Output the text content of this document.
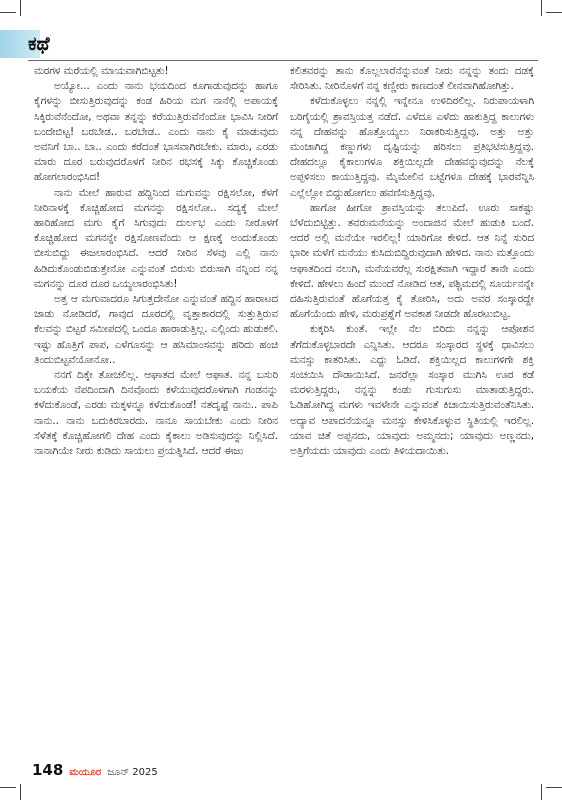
ಕಥೆ

ಮರಗಳ ಮರೆಯಲ್ಲಿ ಮಾಯವಾಗಿಬಿಟ್ಟತು!

ಅಯ್ಯೋ... ಎಂದು ನಾನು ಭಯದಿಂದ ಕೂಗಾಡುವುದನ್ನು ಹಾಗೂ ಕೈಗಳನ್ನು ಬೀಸುತ್ತಿರುವುದನ್ನು ಕಂಡ ಹಿರಿಯ ಮಗ ನಾನೆಲ್ಲಿ ಅಪಾಯಕ್ಕೆ ಸಿಕ್ಕಿರುವೆನೆಂದೋ, ಅಥವಾ ತನ್ನನ್ನು ಕರೆಯುತ್ತಿರುವೆನೆಂದೋ ಭಾವಿಸಿ ನೀರಿಗೆ ಬಂದೇಬಿಟ್ಟ! ಬರಬೇಡ.. ಬರಬೇಡ.. ಎಂದು ನಾನು ಕೈ ಮಾಡುವುದು ಅವನಿಗೆ ಬಾ.. ಬಾ.. ಎಂದು ಕರೆದಂತೆ ಭಾಸವಾಗಿರಬೇಕು. ಮಾರು, ಎರಡು ಮಾರು ದೂರ ಬರುವುದರೊಳಗೆ ನೀರಿನ ರಭಸಕ್ಕೆ ಸಿಕ್ಕು ಕೊಚ್ಚಿಕೊಂಡು ಹೋಗಲಾರಂಭಿಸಿದ!

ನಾನು ಮೇಲೆ ಹಾರುವ ಹದ್ದಿನಿಂದ ಮಗುವನ್ನು ರಕ್ಷಿಸಲೋ, ಕೆಳಗೆ ನೀರಿನಾಳಕ್ಕೆ ಕೊಚ್ಚಿಹೋದ ಮಗನನ್ನು ರಕ್ಷಿಸಲೋ.. ಸದ್ಯಕ್ಕೆ ಮೇಲೆ ಹಾರಿಹೋದ ಮಗು ಕೈಗೆ ಸಿಗುವುದು ದುರ್ಲಭ ಎಂದು ನೀರೊಳಗೆ ಕೊಚ್ಚಿಹೋದ ಮಗನನ್ನೇ ರಕ್ಷಿಸೋಣವೆಂದು ಆ ಕ್ಷಣಕ್ಕೆ ಅಂದುಕೊಂಡು ಬೀಸುಬಿದ್ದು ಈಜಲಾರಂಭಿಸಿದೆ. ಆದರೆ ನೀರಿನ ಸೆಳವು ಎಲ್ಲಿ ನಾನು ಹಿಡಿದುಕೊಂಡುಬಿಡುತ್ತೇನೋ ಎನ್ನುವಂತೆ ಬಿರುಸು ಬಿರುಸಾಗಿ ನನ್ನಿಂದ ನನ್ನ ಮಗನನ್ನು ದೂರ ದೂರ ಒಯ್ಯಲಾರಂಭಿಸಿತು!

ಅತ್ತ ಆ ಮಗುವಾದರೂ ಸಿಗುತ್ತದೇನೋ ಎನ್ನುವಂತೆ ಹದ್ದಿನ ಹಾರಾಟದ ಜಾಡು ನೋಡಿದರೆ, ಗಾವುದ ದೂರದಲ್ಲಿ ವೃತ್ತಾಕಾರದಲ್ಲಿ ಸುತ್ತುತ್ತಿರುವ ಕೆಲವನ್ನು ಬಿಟ್ಟರೆ ಸಮೀಪದಲ್ಲಿ ಒಂದೂ ಹಾರಾಡುತ್ತಿಲ್ಲ. ಎಲ್ಲಿಂದು ಹುಡುಕಲಿ. ಇಷ್ಟು ಹೊತ್ತಿಗೆ ಪಾಪ, ಎಳೆಗೂಸನ್ನು ಆ ಹಸಿಮಾಂಸವನ್ನು ಹರಿದು ಹಂಚಿ ತಿಂದುಬಿಟ್ಟವೆಯೋನೋ..

ನನಗೆ ದಿಕ್ಕೇ ತೋಚಲಿಲ್ಲ. ಆಘಾತದ ಮೇಲೆ ಆಘಾತ. ನನ್ನ ಬಸುರಿ ಬಯಕೆಯ ನೆಪದಿಂದಾಗಿ ದಿನವೊಂದು ಕಳೆಯುವುದರೊಳಗಾಗಿ ಗಂಡನನ್ನು ಕಳೆದುಕೊಂಡೆ, ಎರಡು ಮಕ್ಕಳನ್ನೂ ಕಳೆದುಕೊಂಡೆ! ನತದೃಷ್ಟೆ ನಾನು.. ಪಾಪಿ ನಾನು.. ನಾನು ಬದುಕಿರಬಾರದು. ನಾನೂ ಸಾಯಬೇಕು ಎಂದು ನೀರಿನ ಸೆಳೆತಕ್ಕೆ ಕೊಚ್ಚಿಹೋಗಲಿ ದೇಹ ಎಂದು ಕೈಕಾಲು ಅಡಿಸುವುದನ್ನು ನಿಲ್ಲಿಸಿದೆ. ನಾನಾಗಿಯೇ ನೀರು ಕುಡಿದು ಸಾಯಲು ಪ್ರಯತ್ನಿಸಿದೆ. ಆದರೆ ಈಜು

ಕಲಿತವರನ್ನು ತಾನು ಕೊಲ್ಲಲಾರೆನೆನ್ನುವಂತೆ ನೀರು ನನ್ನನ್ನು ತಂದು ದಡಕ್ಕೆ ಸೇರಿಸಿತು. ನೀರಿನೊಳಗೆ ನನ್ನ ಕಣ್ಣೀರು ಕಾಣದಂತೆ ಲೀನವಾಗಿಹೋಗಿತ್ತು.

ಕಳೆದುಕೊಳ್ಳಲು ನನ್ನಲ್ಲಿ ಇನ್ನೇನೂ ಉಳಿದಿರಲಿಲ್ಲ. ನಿರುಪಾಯಳಾಗಿ ಬರಿಗೈಯಲ್ಲಿ ಶ್ರಾವಸ್ತಿಯತ್ತ ನಡೆದೆ. ಎಳೆದೂ ಎಳೆದು ಹಾಕುತ್ತಿದ್ದ ಕಾಲುಗಳು ನನ್ನ ದೇಹವನ್ನು ಹೊತ್ತೊಯ್ಯಲು ನಿರಾಕರಿಸುತ್ತಿದ್ದವು. ಅತ್ತು ಅತ್ತು ಮಂಜಾಗಿದ್ದ ಕಣ್ಣುಗಳು ದೃಷ್ಟಿಯನ್ನು ಹರಿಸಲು ಪ್ರತಿಭಟಿಸುತ್ತಿದ್ದವು. ದೇಹದಲ್ಲೂ ಕೈಕಾಲುಗಳೂ ಶಕ್ತಿಯಿಲ್ಲದೇ ದೇಹವನ್ನುವುದನ್ನು ನೆಲಕ್ಕೆ ಅಪ್ಪಳಿಸಲು ಕಾಯುತ್ತಿದ್ದವು. ಮೈಮೇಲಿನ ಬಟ್ಟೆಗಳೂ ದೇಹಕ್ಕೆ ಭಾರವೆನ್ನಿಸಿ ಎಲ್ಲೆಲ್ಲೋ ಬಿದ್ದುಹೋಗಲು ಹವಣಿಸುತ್ತಿದ್ದವು.

ಹಾಗೋ ಹೀಗೋ ಶ್ರಾವಸ್ತಿಯನ್ನು ತಲುಪಿದೆ. ಊರು ಸಾಕಷ್ಟು ಬೆಳೆದುಬಿಟ್ಟಿತ್ತು. ತವರುಮನೆಯನ್ನು ಅಂದಾಜಿನ ಮೇಲೆ ಹುಡುಕಿ ಬಂದೆ. ಆದರೆ ಅಲ್ಲಿ ಮನೆಯೇ ಇರಲಿಲ್ಲ! ಯಾರಿಗೋ ಕೇಳಿದೆ. ಆತ ನಿನ್ನೆ ಸುರಿದ ಭಾರೀ ಮಳೆಗೆ ಮನೆಯು ಕುಸಿದುಬಿದ್ದಿರುವುದಾಗಿ ಹೇಳಿದ. ನಾನು ಮತ್ತೊಂದು ಆಘಾತದಿಂದ ನಲುಗಿ, ಮನೆಯವರೆಲ್ಲ ಸುರಕ್ಷಿತವಾಗಿ ಇದ್ದಾರೆ ತಾನೇ ಎಂದು ಕೇಳಿದೆ. ಹೇಳಲು ಹಿಂದೆ ಮುಂದೆ ನೋಡಿದ ಆತ, ಪಶ್ಚಿಮದಲ್ಲಿ ಸೂರ್ಯನನ್ನೇ ದಹಿಸುತ್ತಿರುವಂತೆ ಹೊಗೆಯತ್ತ ಕೈ ತೋರಿಸಿ, ಅದು ಅವರ ಸಂಸ್ಕಾರದ್ದೇ ಹೊಗೆಯೆಂದು ಹೇಳಿ, ಮರುಪ್ರಶ್ನೆಗೆ ಅವಕಾಶ ನೀಡದೇ ಹೊರಟುಬಿಟ್ಟ.

ಕುಕ್ಕರಿಸಿ ಕುಂತೆ. ಇಲ್ಲೇ ನೆಲ ಬಿರಿದು ನನ್ನನ್ನು ಆಪೋಶನ ತೆಗೆದುಕೊಳ್ಳಬಾರದೇ ಎನ್ನಿಸಿತು. ಆದರೂ ಸಂಸ್ಕಾರದ ಸ್ಥಳಕ್ಕೆ ಧಾವಿಸಲು ಮನಸ್ಸು ಕಾತರಿಸಿತು. ಎದ್ದು ಓಡಿದೆ. ಶಕ್ತಿಯಿಲ್ಲದ ಕಾಲುಗಳಿಗೇ ಶಕ್ತಿ ಸಂಚಯಿಸಿ ದೌಡಾಯಿಸಿದೆ. ಜನರೆಲ್ಲಾ ಸಂಸ್ಕಾರ ಮುಗಿಸಿ ಊರ ಕಡೆ ಮರಳುತ್ತಿದ್ದರು, ನನ್ನನ್ನು ಕಂಡು ಗುಸುಗುಸು ಮಾತಾಡುತ್ತಿದ್ದರು. ಓಡಿಹೋಗಿದ್ದ ಮಗಳು ಇವಳೇನೇ ಎನ್ನುವಂತೆ ಕಿಚಾಯಿಸುತ್ತಿರುವಂತೆನಿಸಿತು. ಅದ್ಯಾವ ಆಪಾದನೆಯನ್ನೂ ಮನಸ್ಸು ಕೇಳಿಸಿಕೊಳ್ಳುವ ಸ್ಥಿತಿಯಲ್ಲಿ ಇರಲಿಲ್ಲ. ಯಾವ ಚಿತೆ ಅಪ್ಪನದು, ಯಾವುದು ಅಮ್ಮನದು; ಯಾವುದು ಅಣ್ಣನದು, ಅತ್ತಿಗೆಯದು ಯಾವುದು ಎಂದು ತಿಳಿಯದಾಯಿತು.

148 ಮಯೂರ ಜೂನ್ 2025
